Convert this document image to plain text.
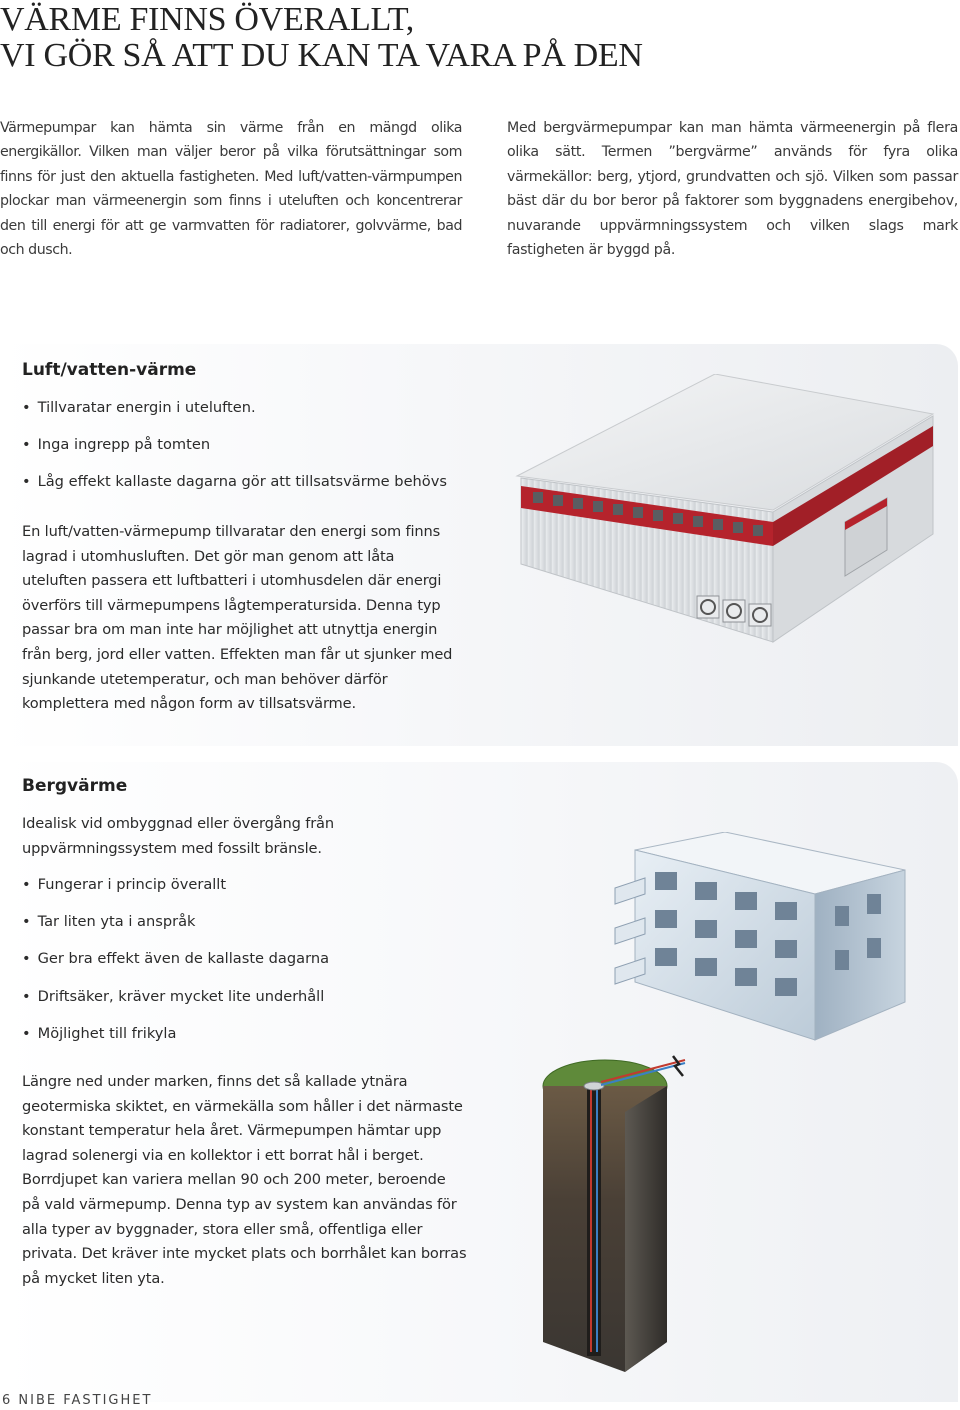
VÄRME FINNS ÖVERALLT,
VI GÖR SÅ ATT DU KAN TA VARA PÅ DEN

Värmepumpar kan hämta sin värme från en mängd olika energikällor. Vilken man väljer beror på vilka förutsättningar som finns för just den aktuella fastigheten. Med luft/vatten-värmpumpen plockar man värmeenergin som finns i uteluften och koncentrerar den till energi för att ge varmvatten för radiatorer, golvvärme, bad och dusch.

Med bergvärmepumpar kan man hämta värmeenergin på flera olika sätt. Termen ”bergvärme” används för fyra olika värmekällor: berg, ytjord, grundvatten och sjö. Vilken som passar bäst där du bor beror på faktorer som byggnadens energibehov, nuvarande uppvärmningssystem och vilken slags mark fastigheten är byggd på.

Luft/vatten-värme

• Tillvaratar energin i uteluften.

• Inga ingrepp på tomten

• Låg effekt kallaste dagarna gör att tillsatsvärme behövs

En luft/vatten-värmepump tillvaratar den energi som finns lagrad i utomhusluften. Det gör man genom att låta uteluften passera ett luftbatteri i utomhusdelen där energi överförs till värmepumpens lågtemperatursida. Denna typ passar bra om man inte har möjlighet att utnyttja energin från berg, jord eller vatten. Effekten man får ut sjunker med sjunkande utetemperatur, och man behöver därför komplettera med någon form av tillsatsvärme.

Bergvärme

Idealisk vid ombyggnad eller övergång från uppvärmningssystem med fossilt bränsle.

• Fungerar i princip överallt

• Tar liten yta i anspråk

• Ger bra effekt även de kallaste dagarna

• Driftsäker, kräver mycket lite underhåll

• Möjlighet till frikyla

Längre ned under marken, finns det så kallade ytnära geotermiska skiktet, en värmekälla som håller i det närmaste konstant temperatur hela året. Värmepumpen hämtar upp lagrad solenergi via en kollektor i ett borrat hål i berget. Borrdjupet kan variera mellan 90 och 200 meter, beroende på vald värmepump. Denna typ av system kan användas för alla typer av byggnader, stora eller små, offentliga eller privata. Det kräver inte mycket plats och borrhålet kan borras på mycket liten yta.

6 NIBE FASTIGHET
